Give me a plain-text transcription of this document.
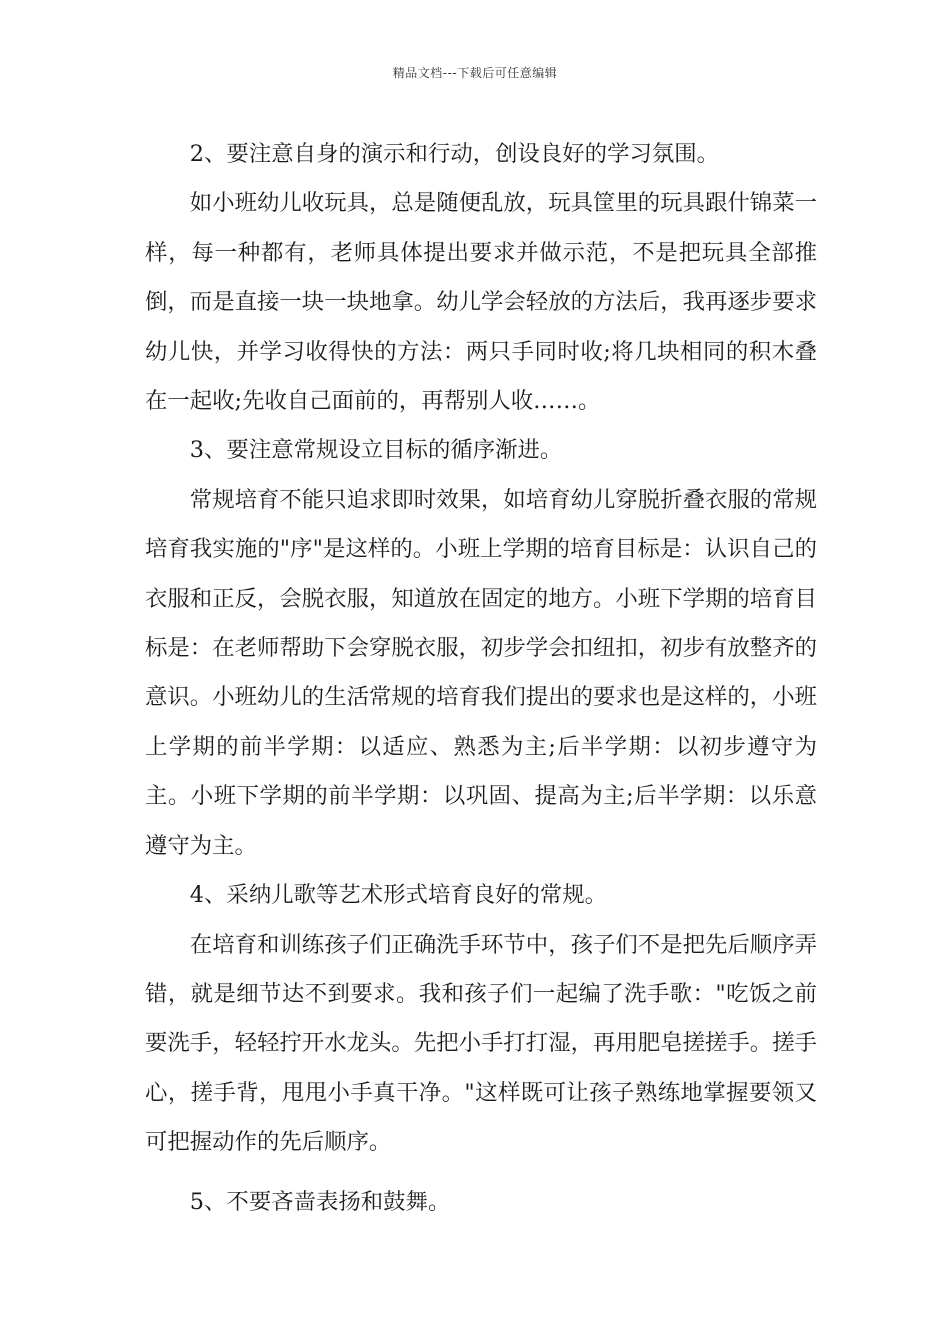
精品文档---下载后可任意编辑

2、要注意自身的演示和行动，创设良好的学习氛围。

如小班幼儿收玩具，总是随便乱放，玩具筐里的玩具跟什锦菜一样，每一种都有，老师具体提出要求并做示范，不是把玩具全部推倒，而是直接一块一块地拿。幼儿学会轻放的方法后，我再逐步要求幼儿快，并学习收得快的方法：两只手同时收;将几块相同的积木叠在一起收;先收自己面前的，再帮别人收……。

3、要注意常规设立目标的循序渐进。

常规培育不能只追求即时效果，如培育幼儿穿脱折叠衣服的常规培育我实施的"序"是这样的。小班上学期的培育目标是：认识自己的衣服和正反，会脱衣服，知道放在固定的地方。小班下学期的培育目标是：在老师帮助下会穿脱衣服，初步学会扣纽扣，初步有放整齐的意识。小班幼儿的生活常规的培育我们提出的要求也是这样的，小班上学期的前半学期：以适应、熟悉为主;后半学期：以初步遵守为主。小班下学期的前半学期：以巩固、提高为主;后半学期：以乐意遵守为主。

4、采纳儿歌等艺术形式培育良好的常规。

在培育和训练孩子们正确洗手环节中，孩子们不是把先后顺序弄错，就是细节达不到要求。我和孩子们一起编了洗手歌："吃饭之前要洗手，轻轻拧开水龙头。先把小手打打湿，再用肥皂搓搓手。搓手心，搓手背，甩甩小手真干净。"这样既可让孩子熟练地掌握要领又可把握动作的先后顺序。

5、不要吝啬表扬和鼓舞。
